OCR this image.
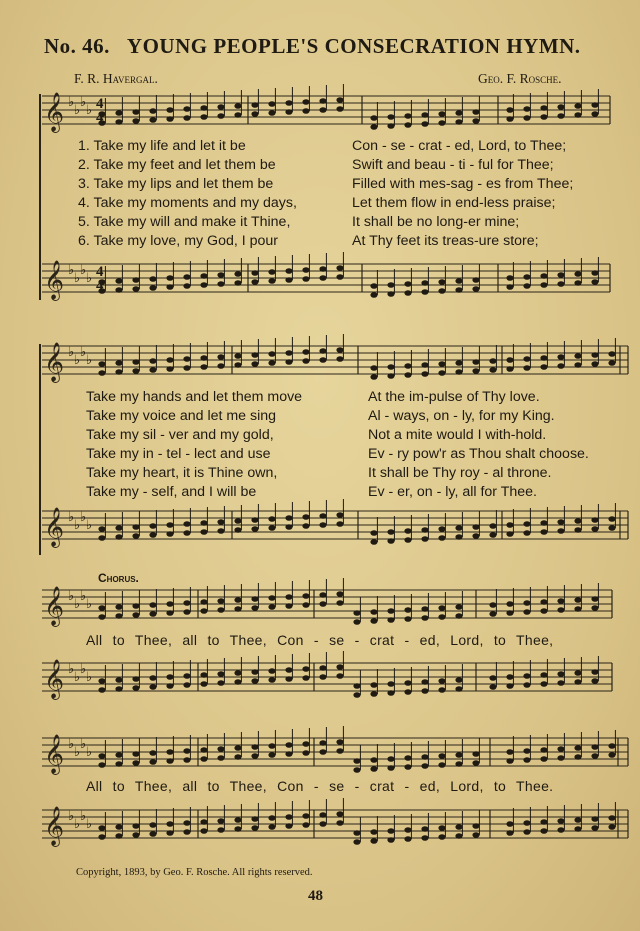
𝄞 ♭
♭
♭
♭
𝄞 ♭
♭
♭
♭
𝄞 ♭
♭
♭
♭
𝄞 ♭
♭
♭
♭
𝄞 ♭
♭
♭
♭
𝄞 ♭
♭
♭
♭
𝄞 ♭
♭
♭
♭
𝄞 ♭
♭
♭
♭
4
4
4
4
No. 46. YOUNG PEOPLE'S CONSECRATION HYMN.
F. R. Havergal.	Geo. F. Rosche.
1. Take my life and let it be	Con - se - crat - ed, Lord, to Thee;
2. Take my feet and let them be	Swift and beau - ti - ful for Thee;
3. Take my lips and let them be	Filled with mes-sag - es from Thee;
4. Take my moments and my days,	Let them flow in end-less praise;
5. Take my will and make it Thine,	It shall be no long-er mine;
6. Take my love, my God, I pour	At Thy feet its treas-ure store;
Take my hands and let them move	At the im-pulse of Thy love.
Take my voice and let me sing	Al - ways, on - ly, for my King.
Take my sil - ver and my gold,	Not a mite would I with-hold.
Take my in - tel - lect and use	Ev - ry pow'r as Thou shalt choose.
Take my heart, it is Thine own,	It shall be Thy roy - al throne.
Take my - self, and I will be	Ev - er, on - ly, all for Thee.
Chorus.
All to Thee, all to Thee, Con - se - crat - ed, Lord, to Thee,
All to Thee, all to Thee, Con - se - crat - ed, Lord, to Thee.
Copyright, 1893, by Geo. F. Rosche. All rights reserved.
48
